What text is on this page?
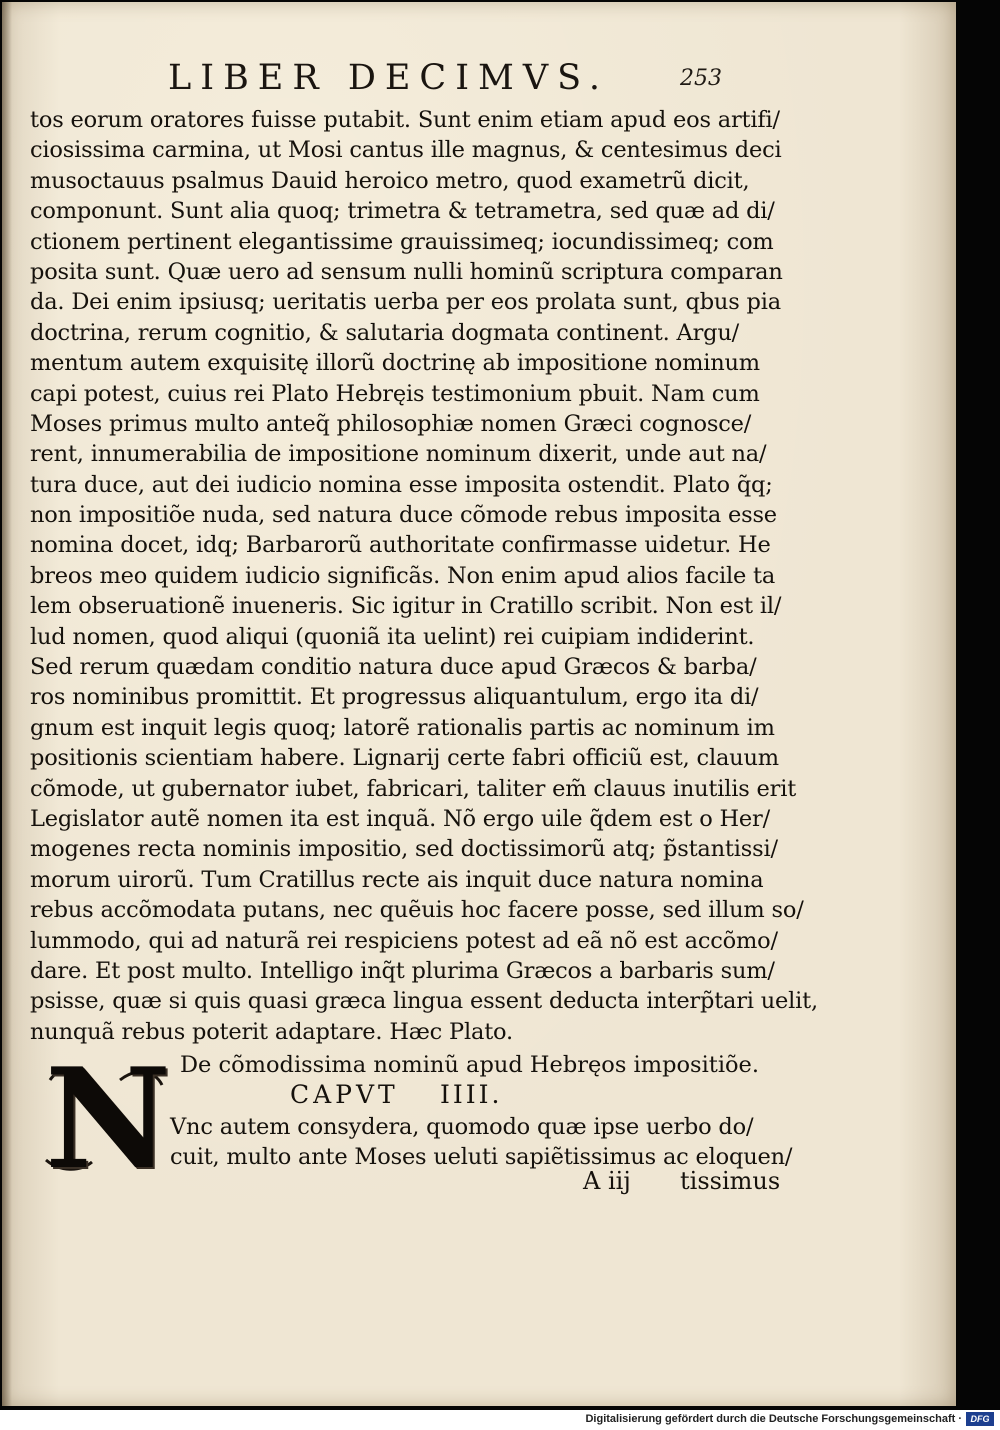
LIBER DECIMVS.	253
tos eorum oratores fuisse putabit. Sunt enim etiam apud eos artifi/
ciosissima carmina, ut Mosi cantus ille magnus, & centesimus deci
musoctauus psalmus Dauid heroico metro, quod exametrũ dicit,
componunt. Sunt alia quoq; trimetra & tetrametra, sed quæ ad di/
ctionem pertinent elegantissime grauissimeq; iocundissimeq; com
posita sunt. Quæ uero ad sensum nulli hominũ scriptura comparan
da. Dei enim ipsiusq; ueritatis uerba per eos prolata sunt, qbus pia
doctrina, rerum cognitio, & salutaria dogmata continent. Argu/
mentum autem exquisitę illorũ doctrinę ab impositione nominum
capi potest, cuius rei Plato Hebręis testimonium pbuit. Nam cum
Moses primus multo anteq̃ philosophiæ nomen Græci cognosce/
rent, innumerabilia de impositione nominum dixerit, unde aut na/
tura duce, aut dei iudicio nomina esse imposita ostendit. Plato q̃q;
non impositiõe nuda, sed natura duce cõmode rebus imposita esse
nomina docet, idq; Barbarorũ authoritate confirmasse uidetur. He
breos meo quidem iudicio significãs. Non enim apud alios facile ta
lem obseruationẽ inueneris. Sic igitur in Cratillo scribit. Non est il/
lud nomen, quod aliqui (quoniã ita uelint) rei cuipiam indiderint.
Sed rerum quædam conditio natura duce apud Græcos & barba/
ros nominibus promittit. Et progressus aliquantulum, ergo ita di/
gnum est inquit legis quoq; latorẽ rationalis partis ac nominum im
positionis scientiam habere. Lignarij certe fabri officiũ est, clauum
cõmode, ut gubernator iubet, fabricari, taliter em̃ clauus inutilis erit
Legislator autẽ nomen ita est inquã. Nõ ergo uile q̃dem est o Her/
mogenes recta nominis impositio, sed doctissimorũ atq; p̃stantissi/
morum uirorũ. Tum Cratillus recte ais inquit duce natura nomina
rebus accõmodata putans, nec quẽuis hoc facere posse, sed illum so/
lummodo, qui ad naturã rei respiciens potest ad eã nõ est accõmo/
dare. Et post multo. Intelligo inq̃t plurima Græcos a barbaris sum/
psisse, quæ si quis quasi græca lingua essent deducta interp̃tari uelit,
nunquã rebus poterit adaptare. Hæc Plato.
De cõmodissima nominũ apud Hebręos impositiõe.
CAPVT IIII.
N
Vnc autem consydera, quomodo quæ ipse uerbo do/
cuit, multo ante Moses ueluti sapiẽtissimus ac eloquen/
A iij tissimus
Digitalisierung gefördert durch die Deutsche Forschungsgemeinschaft · DFG
